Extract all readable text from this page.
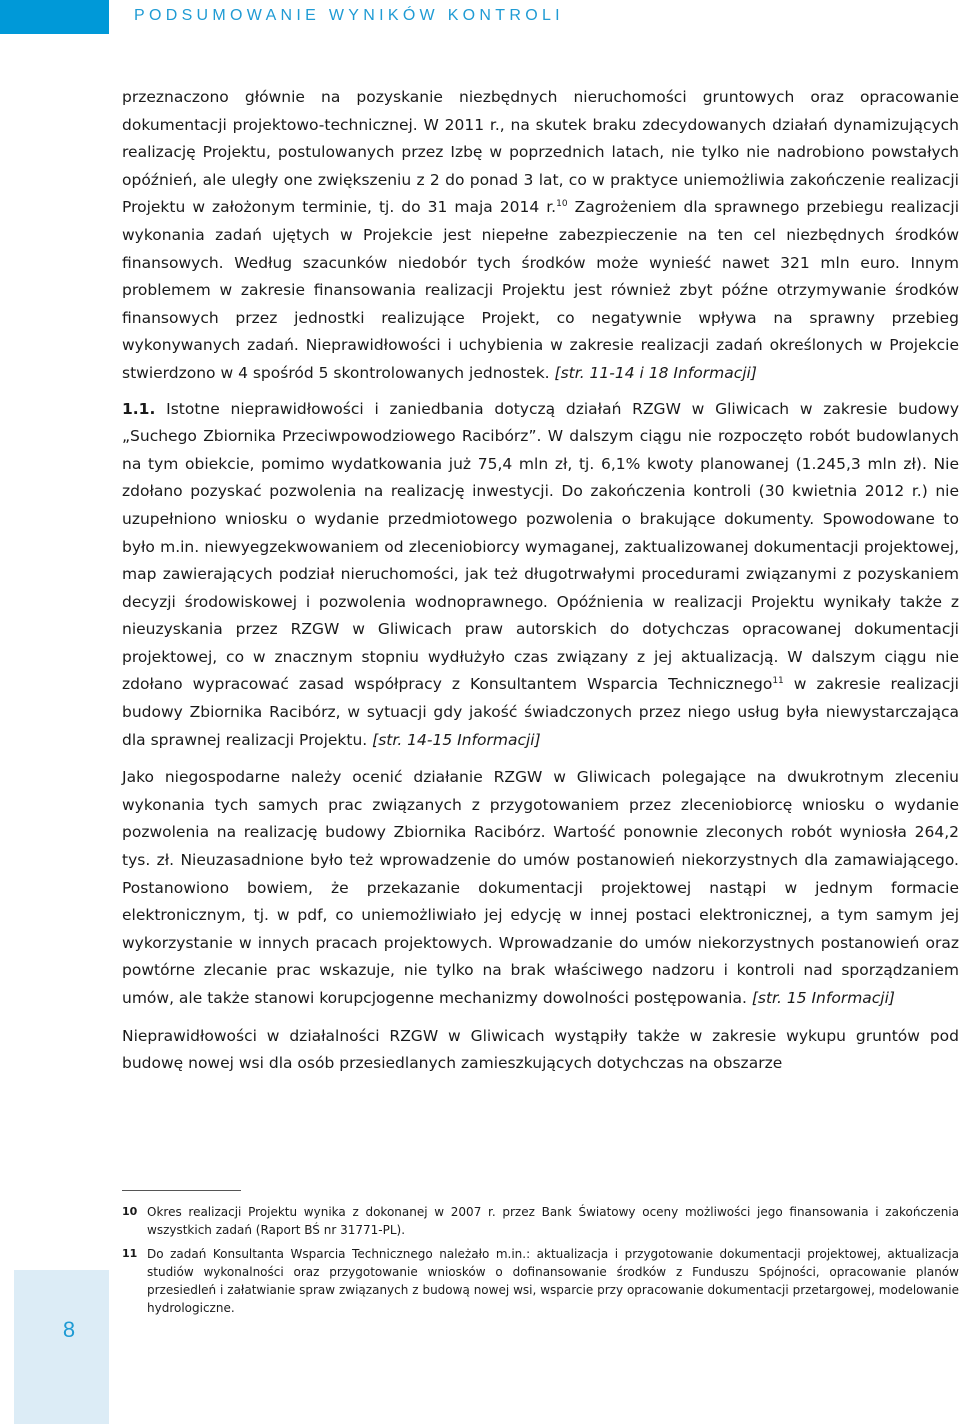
PODSUMOWANIE WYNIKÓW KONTROLI

przeznaczono głównie na pozyskanie niezbędnych nieruchomości gruntowych oraz opracowanie dokumentacji projektowo-technicznej. W 2011 r., na skutek braku zdecydowanych działań dynamizujących realizację Projektu, postulowanych przez Izbę w poprzednich latach, nie tylko nie nadrobiono powstałych opóźnień, ale uległy one zwiększeniu z 2 do ponad 3 lat, co w praktyce uniemożliwia zakończenie realizacji Projektu w założonym terminie, tj. do 31 maja 2014 r.$^{10}$ Zagrożeniem dla sprawnego przebiegu realizacji wykonania zadań ujętych w Projekcie jest niepełne zabezpieczenie na ten cel niezbędnych środków finansowych. Według szacunków niedobór tych środków może wynieść nawet 321 mln euro. Innym problemem w zakresie finansowania realizacji Projektu jest również zbyt późne otrzymywanie środków finansowych przez jednostki realizujące Projekt, co negatywnie wpływa na sprawny przebieg wykonywanych zadań. Nieprawidłowości i uchybienia w zakresie realizacji zadań określonych w Projekcie stwierdzono w 4 spośród 5 skontrolowanych jednostek. [str. 11-14 i 18 Informacji]

1.1. Istotne nieprawidłowości i zaniedbania dotyczą działań RZGW w Gliwicach w zakresie budowy „Suchego Zbiornika Przeciwpowodziowego Racibórz”. W dalszym ciągu nie rozpoczęto robót budowlanych na tym obiekcie, pomimo wydatkowania już 75,4 mln zł, tj. 6,1% kwoty planowanej (1.245,3 mln zł). Nie zdołano pozyskać pozwolenia na realizację inwestycji. Do zakończenia kontroli (30 kwietnia 2012 r.) nie uzupełniono wniosku o wydanie przedmiotowego pozwolenia o brakujące dokumenty. Spowodowane to było m.in. niewyegzekwowaniem od zleceniobiorcy wymaganej, zaktualizowanej dokumentacji projektowej, map zawierających podział nieruchomości, jak też długotrwałymi procedurami związanymi z pozyskaniem decyzji środowiskowej i pozwolenia wodnoprawnego. Opóźnienia w realizacji Projektu wynikały także z nieuzyskania przez RZGW w Gliwicach praw autorskich do dotychczas opracowanej dokumentacji projektowej, co w znacznym stopniu wydłużyło czas związany z jej aktualizacją. W dalszym ciągu nie zdołano wypracować zasad współpracy z Konsultantem Wsparcia Technicznego$^{11}$ w zakresie realizacji budowy Zbiornika Racibórz, w sytuacji gdy jakość świadczonych przez niego usług była niewystarczająca dla sprawnej realizacji Projektu. [str. 14-15 Informacji]

Jako niegospodarne należy ocenić działanie RZGW w Gliwicach polegające na dwukrotnym zleceniu wykonania tych samych prac związanych z przygotowaniem przez zleceniobiorcę wniosku o wydanie pozwolenia na realizację budowy Zbiornika Racibórz. Wartość ponownie zleconych robót wyniosła 264,2 tys. zł. Nieuzasadnione było też wprowadzenie do umów postanowień niekorzystnych dla zamawiającego. Postanowiono bowiem, że przekazanie dokumentacji projektowej nastąpi w jednym formacie elektronicznym, tj. w pdf, co uniemożliwiało jej edycję w innej postaci elektronicznej, a tym samym jej wykorzystanie w innych pracach projektowych. Wprowadzanie do umów niekorzystnych postanowień oraz powtórne zlecanie prac wskazuje, nie tylko na brak właściwego nadzoru i kontroli nad sporządzaniem umów, ale także stanowi korupcjogenne mechanizmy dowolności postępowania. [str. 15 Informacji]

Nieprawidłowości w działalności RZGW w Gliwicach wystąpiły także w zakresie wykupu gruntów pod budowę nowej wsi dla osób przesiedlanych zamieszkujących dotychczas na obszarze

10 Okres realizacji Projektu wynika z dokonanej w 2007 r. przez Bank Światowy oceny możliwości jego finansowania i zakończenia wszystkich zadań (Raport BŚ nr 31771-PL).
11 Do zadań Konsultanta Wsparcia Technicznego należało m.in.: aktualizacja i przygotowanie dokumentacji projektowej, aktualizacja studiów wykonalności oraz przygotowanie wniosków o dofinansowanie środków z Funduszu Spójności, opracowanie planów przesiedleń i załatwianie spraw związanych z budową nowej wsi, wsparcie przy opracowanie dokumentacji przetargowej, modelowanie hydrologiczne.
8
